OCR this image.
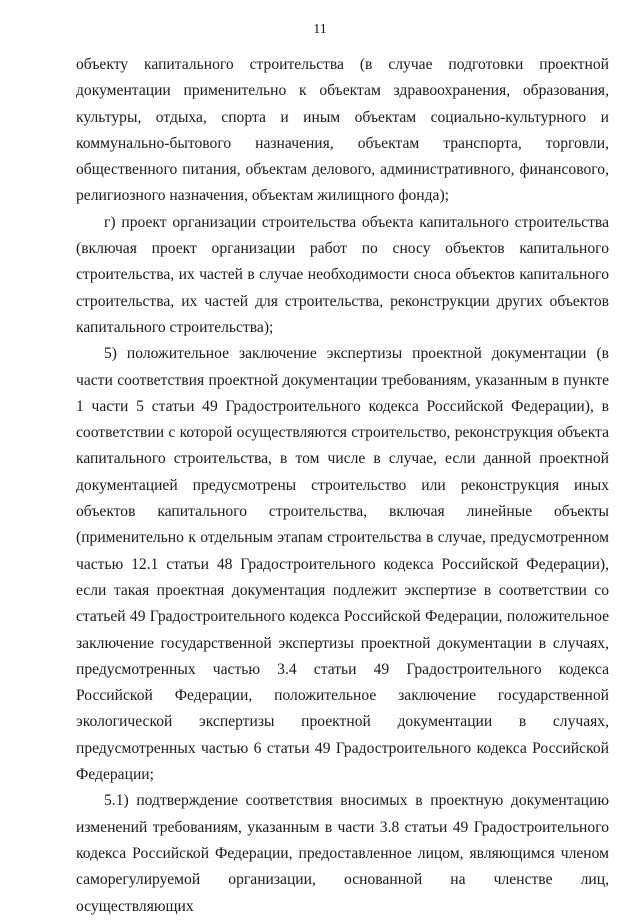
11

объекту капитального строительства (в случае подготовки проектной документации применительно к объектам здравоохранения, образования, культуры, отдыха, спорта и иным объектам социально-культурного и коммунально-бытового назначения, объектам транспорта, торговли, общественного питания, объектам делового, административного, финансового, религиозного назначения, объектам жилищного фонда);

г) проект организации строительства объекта капитального строительства (включая проект организации работ по сносу объектов капитального строительства, их частей в случае необходимости сноса объектов капитального строительства, их частей для строительства, реконструкции других объектов капитального строительства);

5) положительное заключение экспертизы проектной документации (в части соответствия проектной документации требованиям, указанным в пункте 1 части 5 статьи 49 Градостроительного кодекса Российской Федерации), в соответствии с которой осуществляются строительство, реконструкция объекта капитального строительства, в том числе в случае, если данной проектной документацией предусмотрены строительство или реконструкция иных объектов капитального строительства, включая линейные объекты (применительно к отдельным этапам строительства в случае, предусмотренном частью 12.1 статьи 48 Градостроительного кодекса Российской Федерации), если такая проектная документация подлежит экспертизе в соответствии со статьей 49 Градостроительного кодекса Российской Федерации, положительное заключение государственной экспертизы проектной документации в случаях, предусмотренных частью 3.4 статьи 49 Градостроительного кодекса Российской Федерации, положительное заключение государственной экологической экспертизы проектной документации в случаях, предусмотренных частью 6 статьи 49 Градостроительного кодекса Российской Федерации;

5.1) подтверждение соответствия вносимых в проектную документацию изменений требованиям, указанным в части 3.8 статьи 49 Градостроительного кодекса Российской Федерации, предоставленное лицом, являющимся членом саморегулируемой организации, основанной на членстве лиц, осуществляющих
